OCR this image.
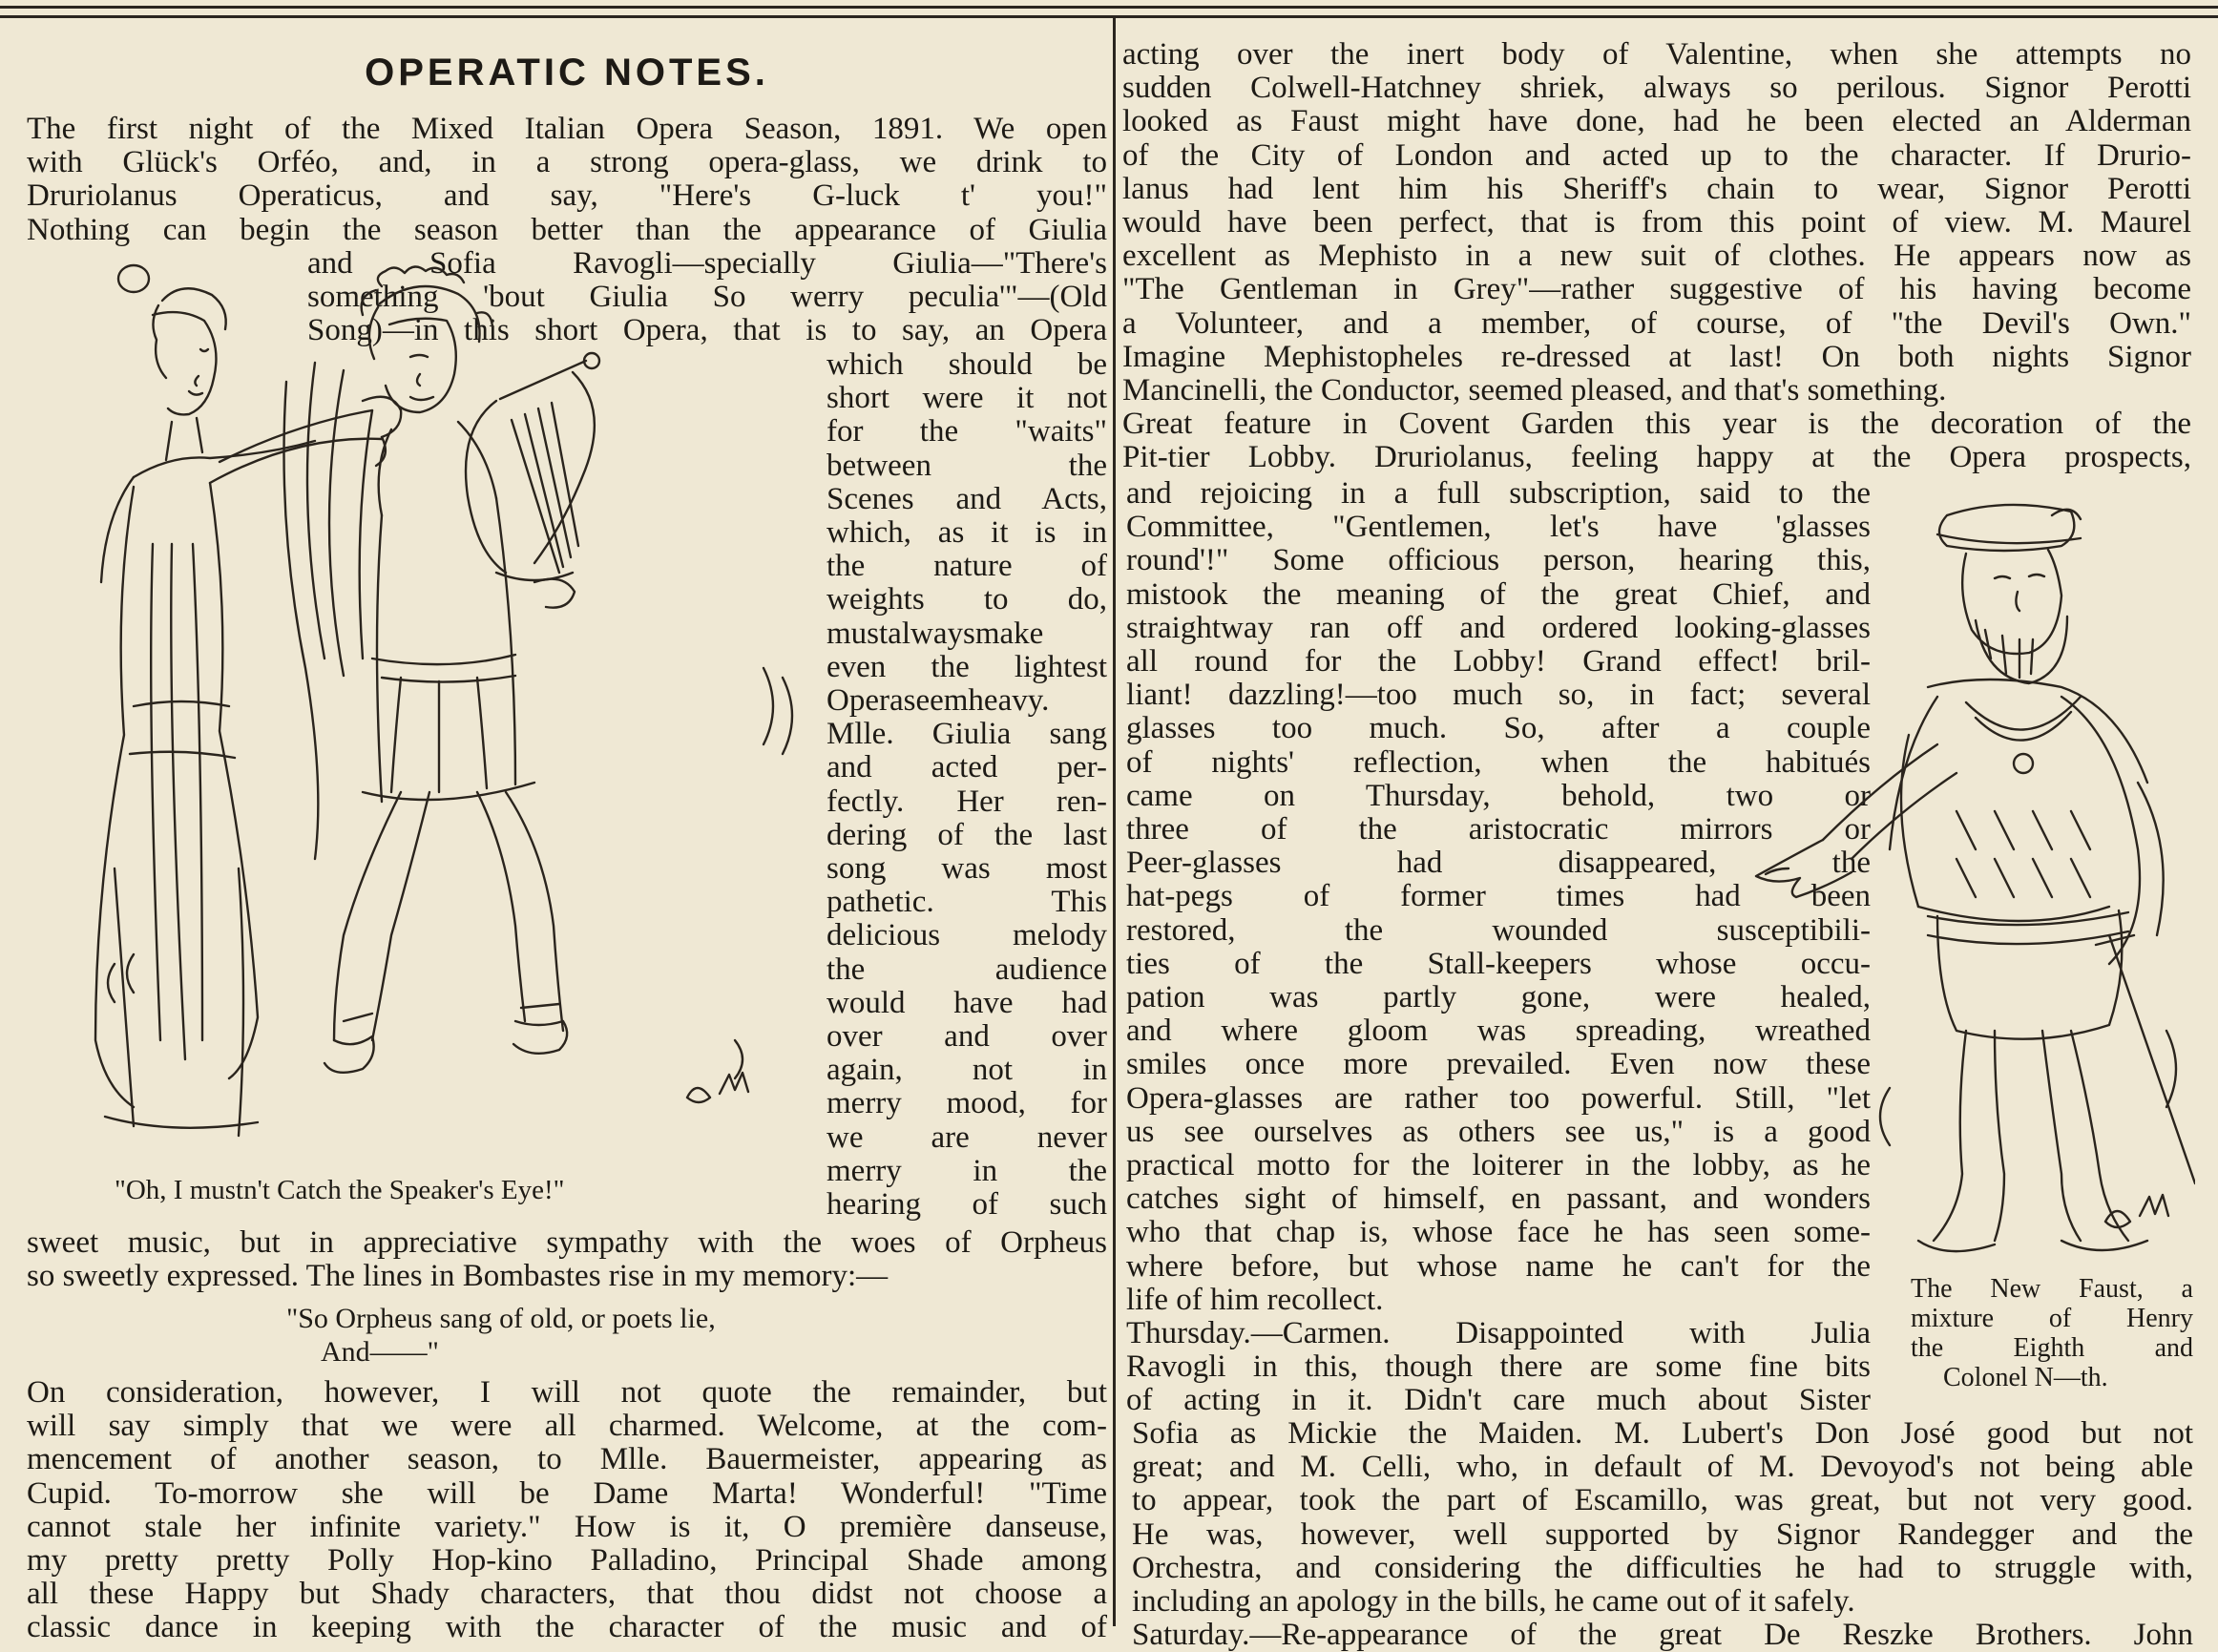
OPERATIC NOTES.
The first night of the Mixed Italian Opera Season, 1891. We open
with Glück's Orféo, and, in a strong opera-glass, we drink to
Druriolanus Operaticus, and say, "Here's G-luck t' you!"
Nothing can begin the season better than the appearance of Giulia
and Sofia Ravogli—specially Giulia—"There's
something 'bout Giulia So werry peculia'"—(Old
Song)—in this short Opera, that is to say, an Opera
which should be
short were it not
for the "waits"
between the
Scenes and Acts,
which, as it is in
the nature of
weights to do,
mustalwaysmake
even the lightest
Operaseemheavy.
Mlle. Giulia sang
and acted per-
fectly. Her ren-
dering of the last
song was most
pathetic. This
delicious melody
the audience
would have had
over and over
again, not in
merry mood, for
we are never
merry in the
hearing of such
"Oh, I mustn't Catch the Speaker's Eye!"
sweet music, but in appreciative sympathy with the woes of Orpheus
so sweetly expressed. The lines in Bombastes rise in my memory:—
"So Orpheus sang of old, or poets lie,
And——"
On consideration, however, I will not quote the remainder, but
will say simply that we were all charmed. Welcome, at the com-
mencement of another season, to Mlle. Bauermeister, appearing as
Cupid. To-morrow she will be Dame Marta! Wonderful! "Time
cannot stale her infinite variety." How is it, O première danseuse,
my pretty pretty Polly Hop-kino Palladino, Principal Shade among
all these Happy but Shady characters, that thou didst not choose a
classic dance in keeping with the character of the music and of
acting over the inert body of Valentine, when she attempts no
sudden Colwell-Hatchney shriek, always so perilous. Signor Perotti
looked as Faust might have done, had he been elected an Alderman
of the City of London and acted up to the character. If Drurio-
lanus had lent him his Sheriff's chain to wear, Signor Perotti
would have been perfect, that is from this point of view. M. Maurel
excellent as Mephisto in a new suit of clothes. He appears now as
"The Gentleman in Grey"—rather suggestive of his having become
a Volunteer, and a member, of course, of "the Devil's Own."
Imagine Mephistopheles re-dressed at last! On both nights Signor
Mancinelli, the Conductor, seemed pleased, and that's something.
Great feature in Covent Garden this year is the decoration of the
Pit-tier Lobby. Druriolanus, feeling happy at the Opera prospects,
and rejoicing in a full subscription, said to the
Committee, "Gentlemen, let's have 'glasses
round'!" Some officious person, hearing this,
mistook the meaning of the great Chief, and
straightway ran off and ordered looking-glasses
all round for the Lobby! Grand effect! bril-
liant! dazzling!—too much so, in fact; several
glasses too much. So, after a couple
of nights' reflection, when the habitués
came on Thursday, behold, two or
three of the aristocratic mirrors or
Peer-glasses had disappeared, the
hat-pegs of former times had been
restored, the wounded susceptibili-
ties of the Stall-keepers whose occu-
pation was partly gone, were healed,
and where gloom was spreading, wreathed
smiles once more prevailed. Even now these
Opera-glasses are rather too powerful. Still, "let
us see ourselves as others see us," is a good
practical motto for the loiterer in the lobby, as he
catches sight of himself, en passant, and wonders
who that chap is, whose face he has seen some-
where before, but whose name he can't for the
life of him recollect.
Thursday.—Carmen. Disappointed with Julia
Ravogli in this, though there are some fine bits
of acting in it. Didn't care much about Sister
The New Faust, a
mixture of Henry
the Eighth and
Colonel N—th.
Sofia as Mickie the Maiden. M. Lubert's Don José good but not
great; and M. Celli, who, in default of M. Devoyod's not being able
to appear, took the part of Escamillo, was great, but not very good.
He was, however, well supported by Signor Randegger and the
Orchestra, and considering the difficulties he had to struggle with,
including an apology in the bills, he came out of it safely.
Saturday.—Re-appearance of the great De Reszke Brothers. John
